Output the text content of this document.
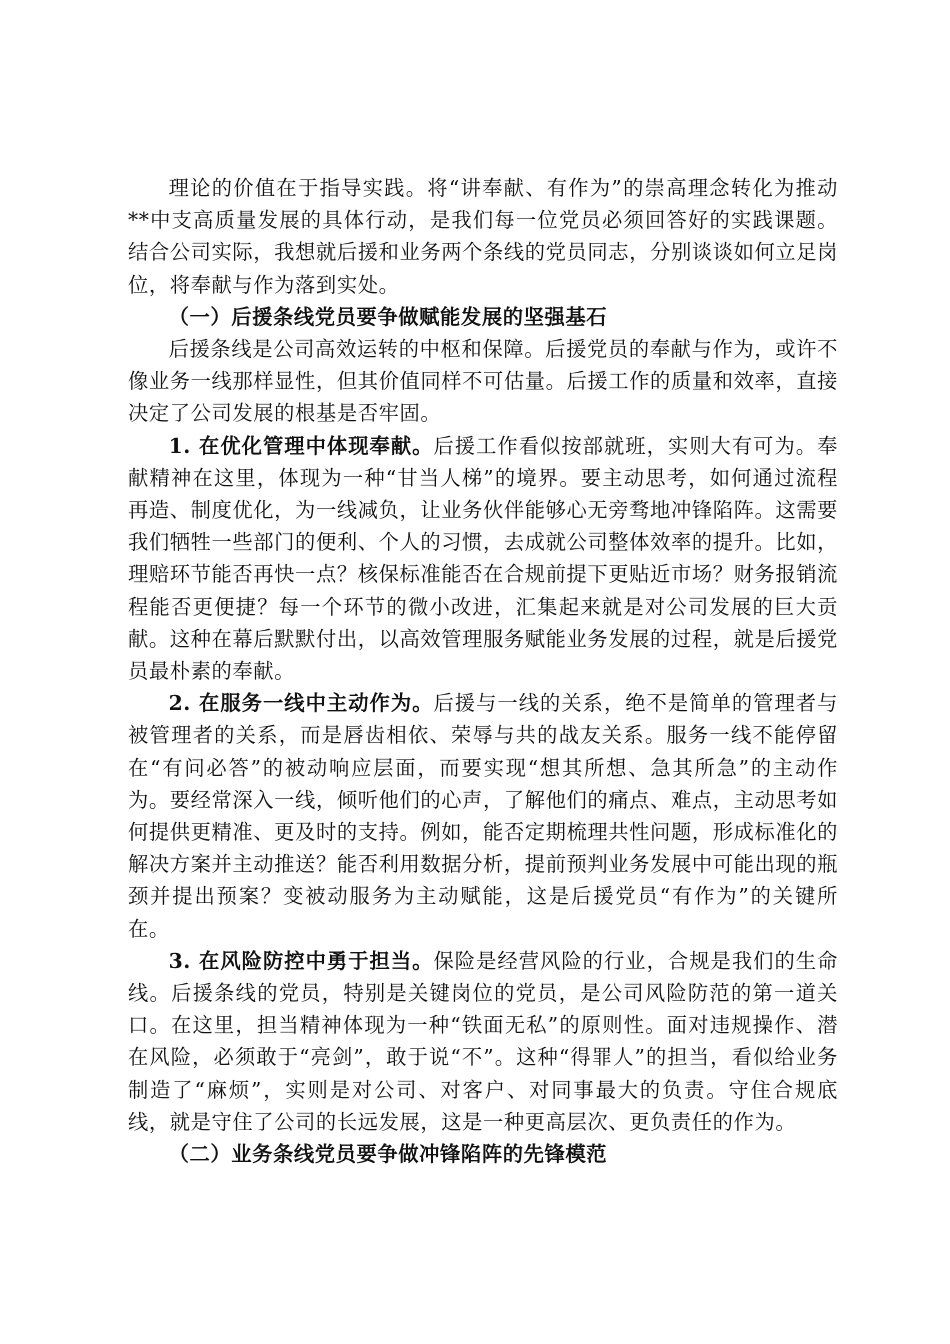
理论的价值在于指导实践。将“讲奉献、有作为”的崇高理念转化为推动**中支高质量发展的具体行动，是我们每一位党员必须回答好的实践课题。结合公司实际，我想就后援和业务两个条线的党员同志，分别谈谈如何立足岗位，将奉献与作为落到实处。

（一）后援条线党员要争做赋能发展的坚强基石

后援条线是公司高效运转的中枢和保障。后援党员的奉献与作为，或许不像业务一线那样显性，但其价值同样不可估量。后援工作的质量和效率，直接决定了公司发展的根基是否牢固。

1. 在优化管理中体现奉献。后援工作看似按部就班，实则大有可为。奉献精神在这里，体现为一种“甘当人梯”的境界。要主动思考，如何通过流程再造、制度优化，为一线减负，让业务伙伴能够心无旁骛地冲锋陷阵。这需要我们牺牲一些部门的便利、个人的习惯，去成就公司整体效率的提升。比如，理赔环节能否再快一点？核保标准能否在合规前提下更贴近市场？财务报销流程能否更便捷？每一个环节的微小改进，汇集起来就是对公司发展的巨大贡献。这种在幕后默默付出，以高效管理服务赋能业务发展的过程，就是后援党员最朴素的奉献。

2. 在服务一线中主动作为。后援与一线的关系，绝不是简单的管理者与被管理者的关系，而是唇齿相依、荣辱与共的战友关系。服务一线不能停留在“有问必答”的被动响应层面，而要实现“想其所想、急其所急”的主动作为。要经常深入一线，倾听他们的心声，了解他们的痛点、难点，主动思考如何提供更精准、更及时的支持。例如，能否定期梳理共性问题，形成标准化的解决方案并主动推送？能否利用数据分析，提前预判业务发展中可能出现的瓶颈并提出预案？变被动服务为主动赋能，这是后援党员“有作为”的关键所在。

3. 在风险防控中勇于担当。保险是经营风险的行业，合规是我们的生命线。后援条线的党员，特别是关键岗位的党员，是公司风险防范的第一道关口。在这里，担当精神体现为一种“铁面无私”的原则性。面对违规操作、潜在风险，必须敢于“亮剑”，敢于说“不”。这种“得罪人”的担当，看似给业务制造了“麻烦”，实则是对公司、对客户、对同事最大的负责。守住合规底线，就是守住了公司的长远发展，这是一种更高层次、更负责任的作为。

（二）业务条线党员要争做冲锋陷阵的先锋模范
